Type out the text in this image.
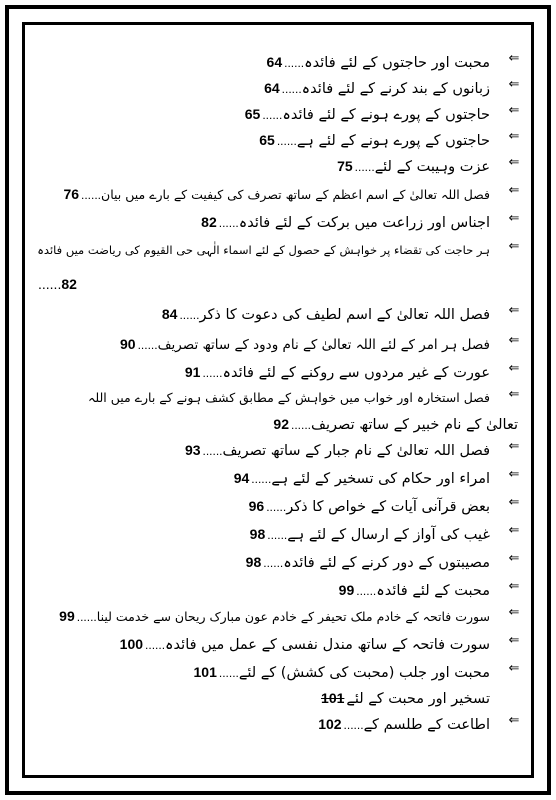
⇐
محبت اور حاجتوں کے لئے فائدہ......64
⇐
زبانوں کے بند کرنے کے لئے فائدہ......64
⇐
حاجتوں کے پورے ہونے کے لئے فائدہ......65
⇐
حاجتوں کے پورے ہونے کے لئے ہے......65
⇐
عزت وہیبت کے لئے......75
⇐
فصل اللہ تعالیٰ کے اسم اعظم کے ساتھ تصرف کی کیفیت کے بارے میں بیان......76
⇐
اجناس اور زراعت میں برکت کے لئے فائدہ......82
⇐
ہر حاجت کی تقضاء پر خواہش کے حصول کے لئے اسماء الٰہی حی القیوم کی ریاضت میں فائدہ
82......
⇐
فصل اللہ تعالیٰ کے اسم لطیف کی دعوت کا ذکر......84
⇐
فصل ہر امر کے لئے اللہ تعالیٰ کے نام ودود کے ساتھ تصریف......90
⇐
عورت کے غیر مردوں سے روکنے کے لئے فائدہ......91
⇐
فصل استخارہ اور خواب میں خواہش کے مطابق کشف ہونے کے بارے میں اللہ
تعالیٰ کے نام خبیر کے ساتھ تصریف......92
⇐
فصل اللہ تعالیٰ کے نام جبار کے ساتھ تصریف......93
⇐
امراء اور حکام کی تسخیر کے لئے ہے......94
⇐
بعض قرآنی آیات کے خواص کا ذکر......96
⇐
غیب کی آواز کے ارسال کے لئے ہے......98
⇐
مصیبتوں کے دور کرنے کے لئے فائدہ......98
⇐
محبت کے لئے فائدہ......99
⇐
سورت فاتحہ کے خادم ملک تحیفر کے خادم عون مبارک ریحان سے خدمت لینا......99
⇐
سورت فاتحہ کے ساتھ مندل نفسی کے عمل میں فائدہ......100
⇐
محبت اور جلب (محبت کی کشش) کے لئے......101
تسخیر اور محبت کے لئے101
⇐
اطاعت کے طلسم کے......102
